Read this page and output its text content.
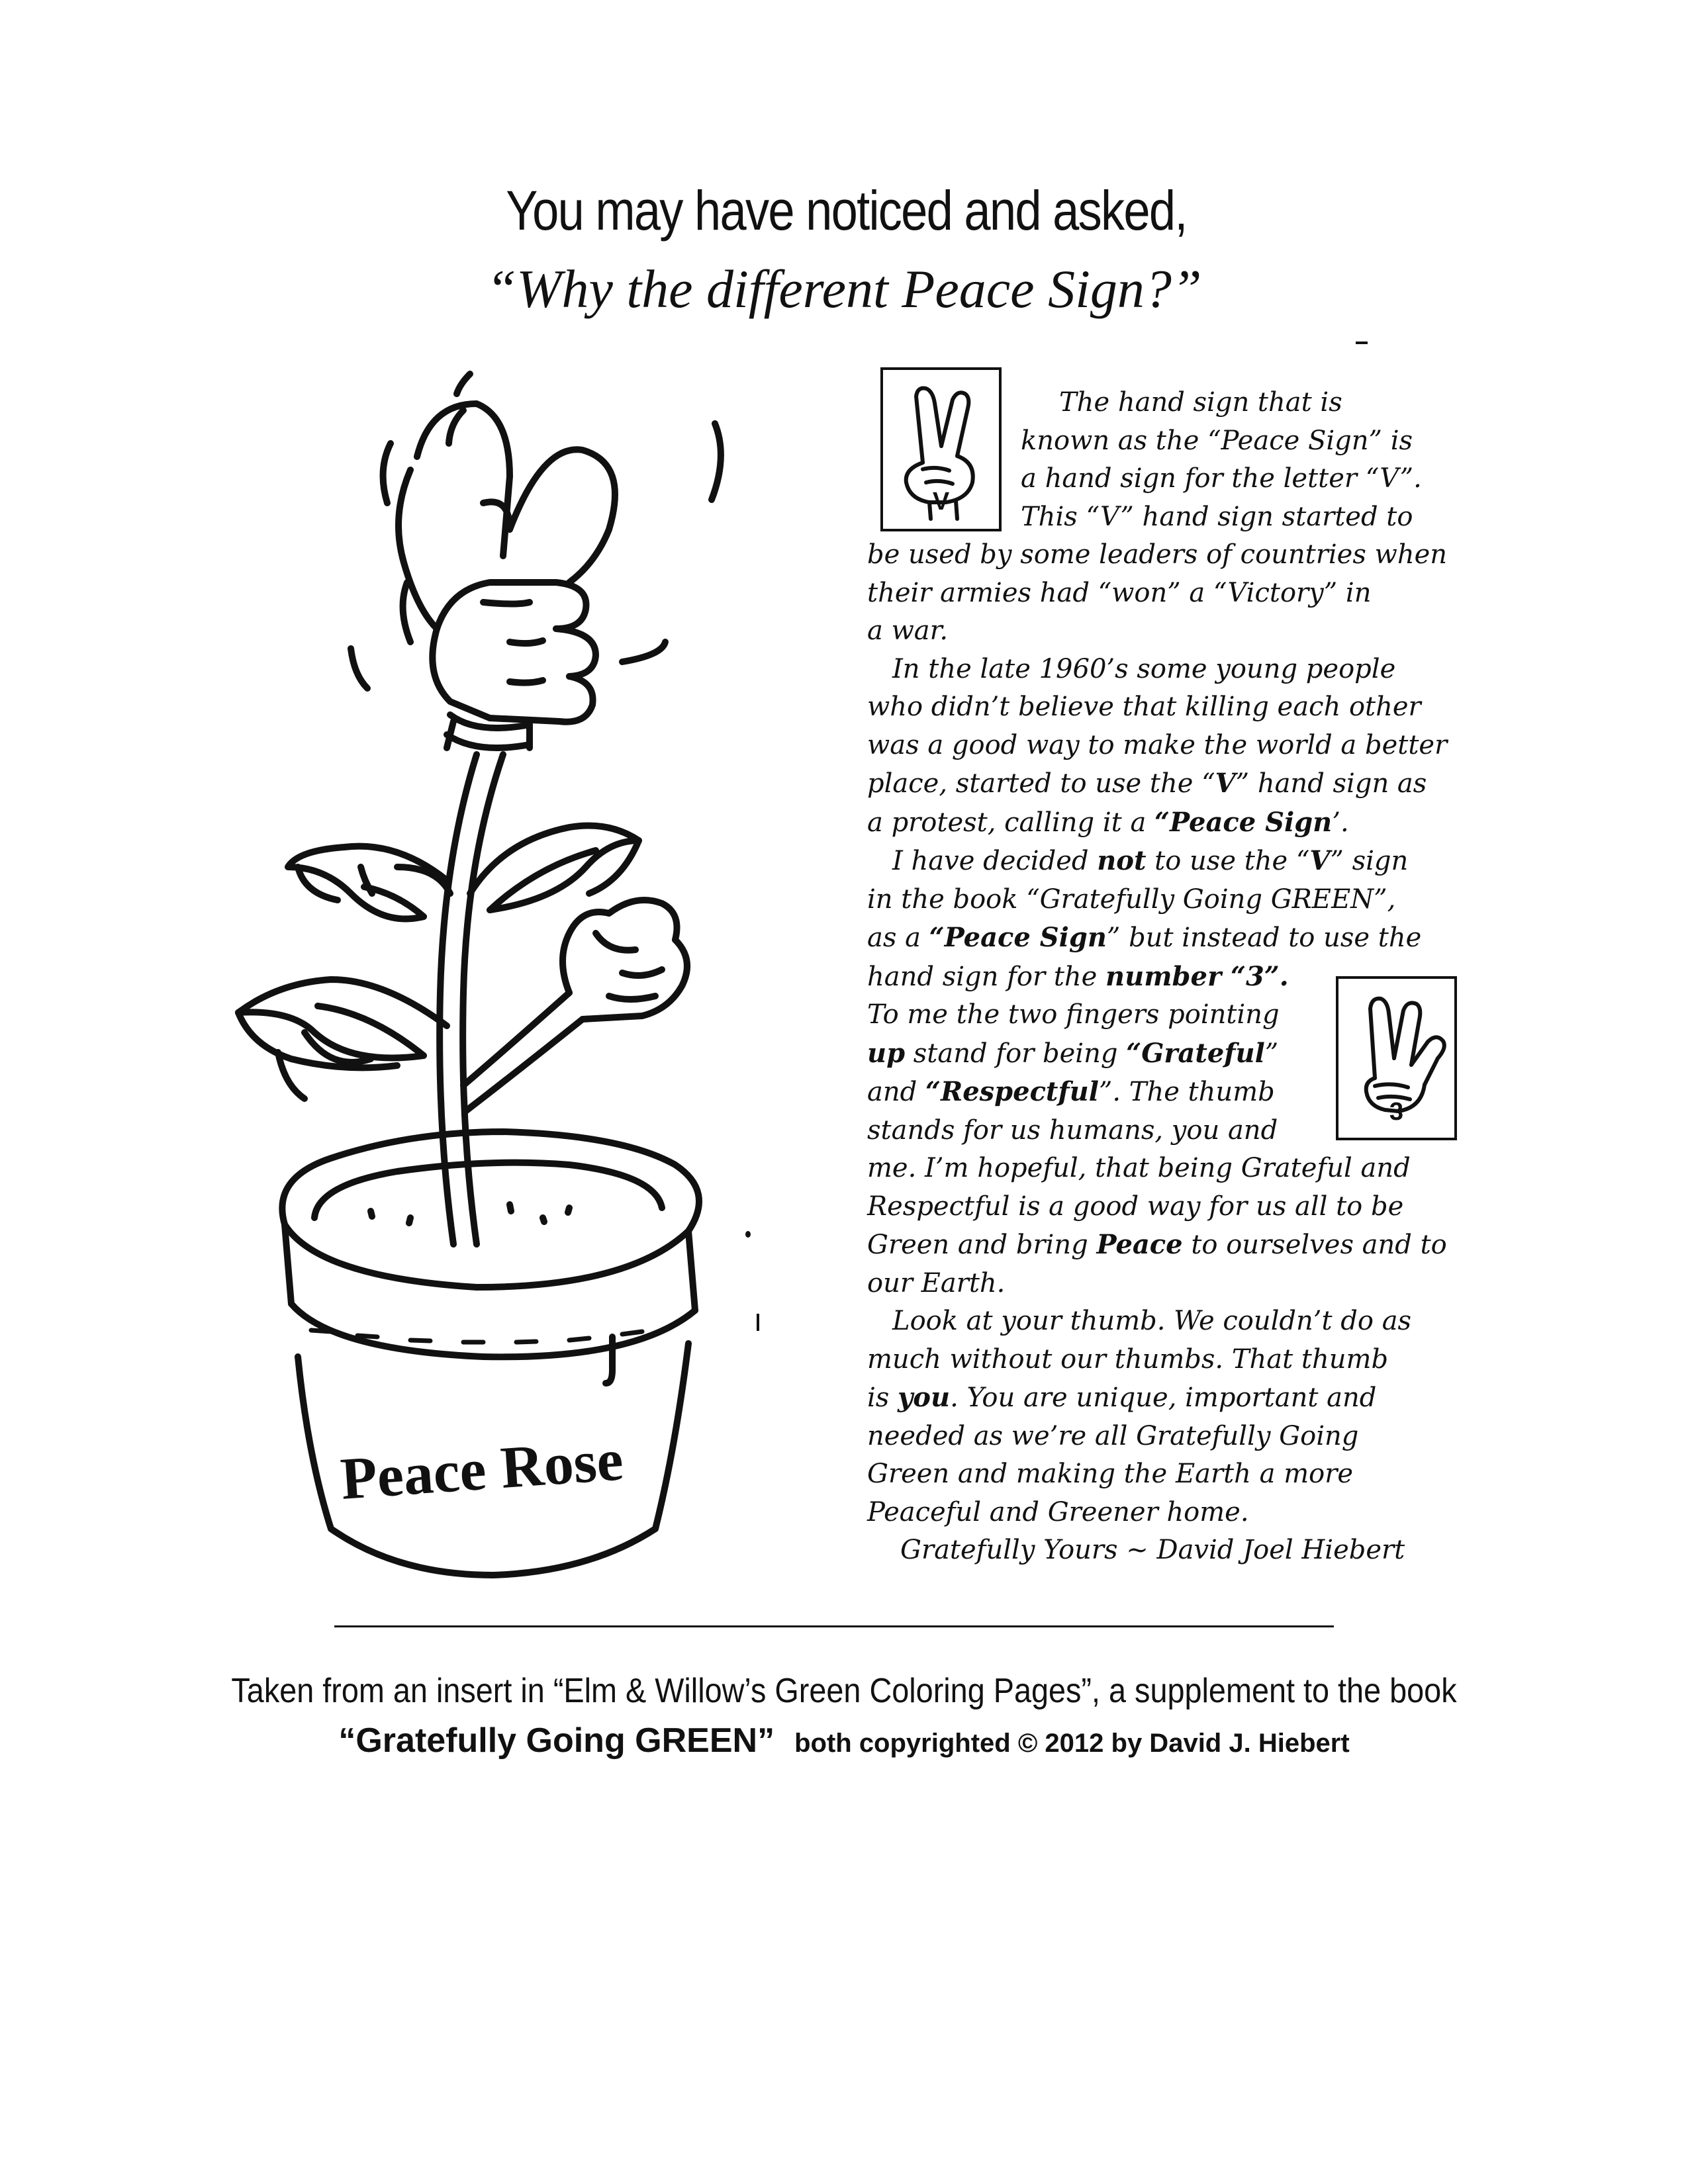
You may have noticed and asked,
“Why the different Peace Sign?”
Peace Rose
V
3
The hand sign that is
known as the “Peace Sign” is
a hand sign for the letter “V”.
This “V” hand sign started to
be used by some leaders of countries when
their armies had “won” a “Victory” in
a war.
In the late 1960’s some young people
who didn’t believe that killing each other
was a good way to make the world a better
place, started to use the “V” hand sign as
a protest, calling it a “Peace Sign’.
I have decided not to use the “V” sign
in the book “Gratefully Going GREEN”,
as a “Peace Sign” but instead to use the
hand sign for the number “3”.
To me the two fingers pointing
up stand for being “Grateful”
and “Respectful”. The thumb
stands for us humans, you and
me. I’m hopeful, that being Grateful and
Respectful is a good way for us all to be
Green and bring Peace to ourselves and to
our Earth.
Look at your thumb. We couldn’t do as
much without our thumbs. That thumb
is you. You are unique, important and
needed as we’re all Gratefully Going
Green and making the Earth a more
Peaceful and Greener home.
Gratefully Yours ~ David Joel Hiebert
Taken from an insert in “Elm & Willow’s Green Coloring Pages”, a supplement to the book
“Gratefully Going GREEN” both copyrighted © 2012 by David J. Hiebert
